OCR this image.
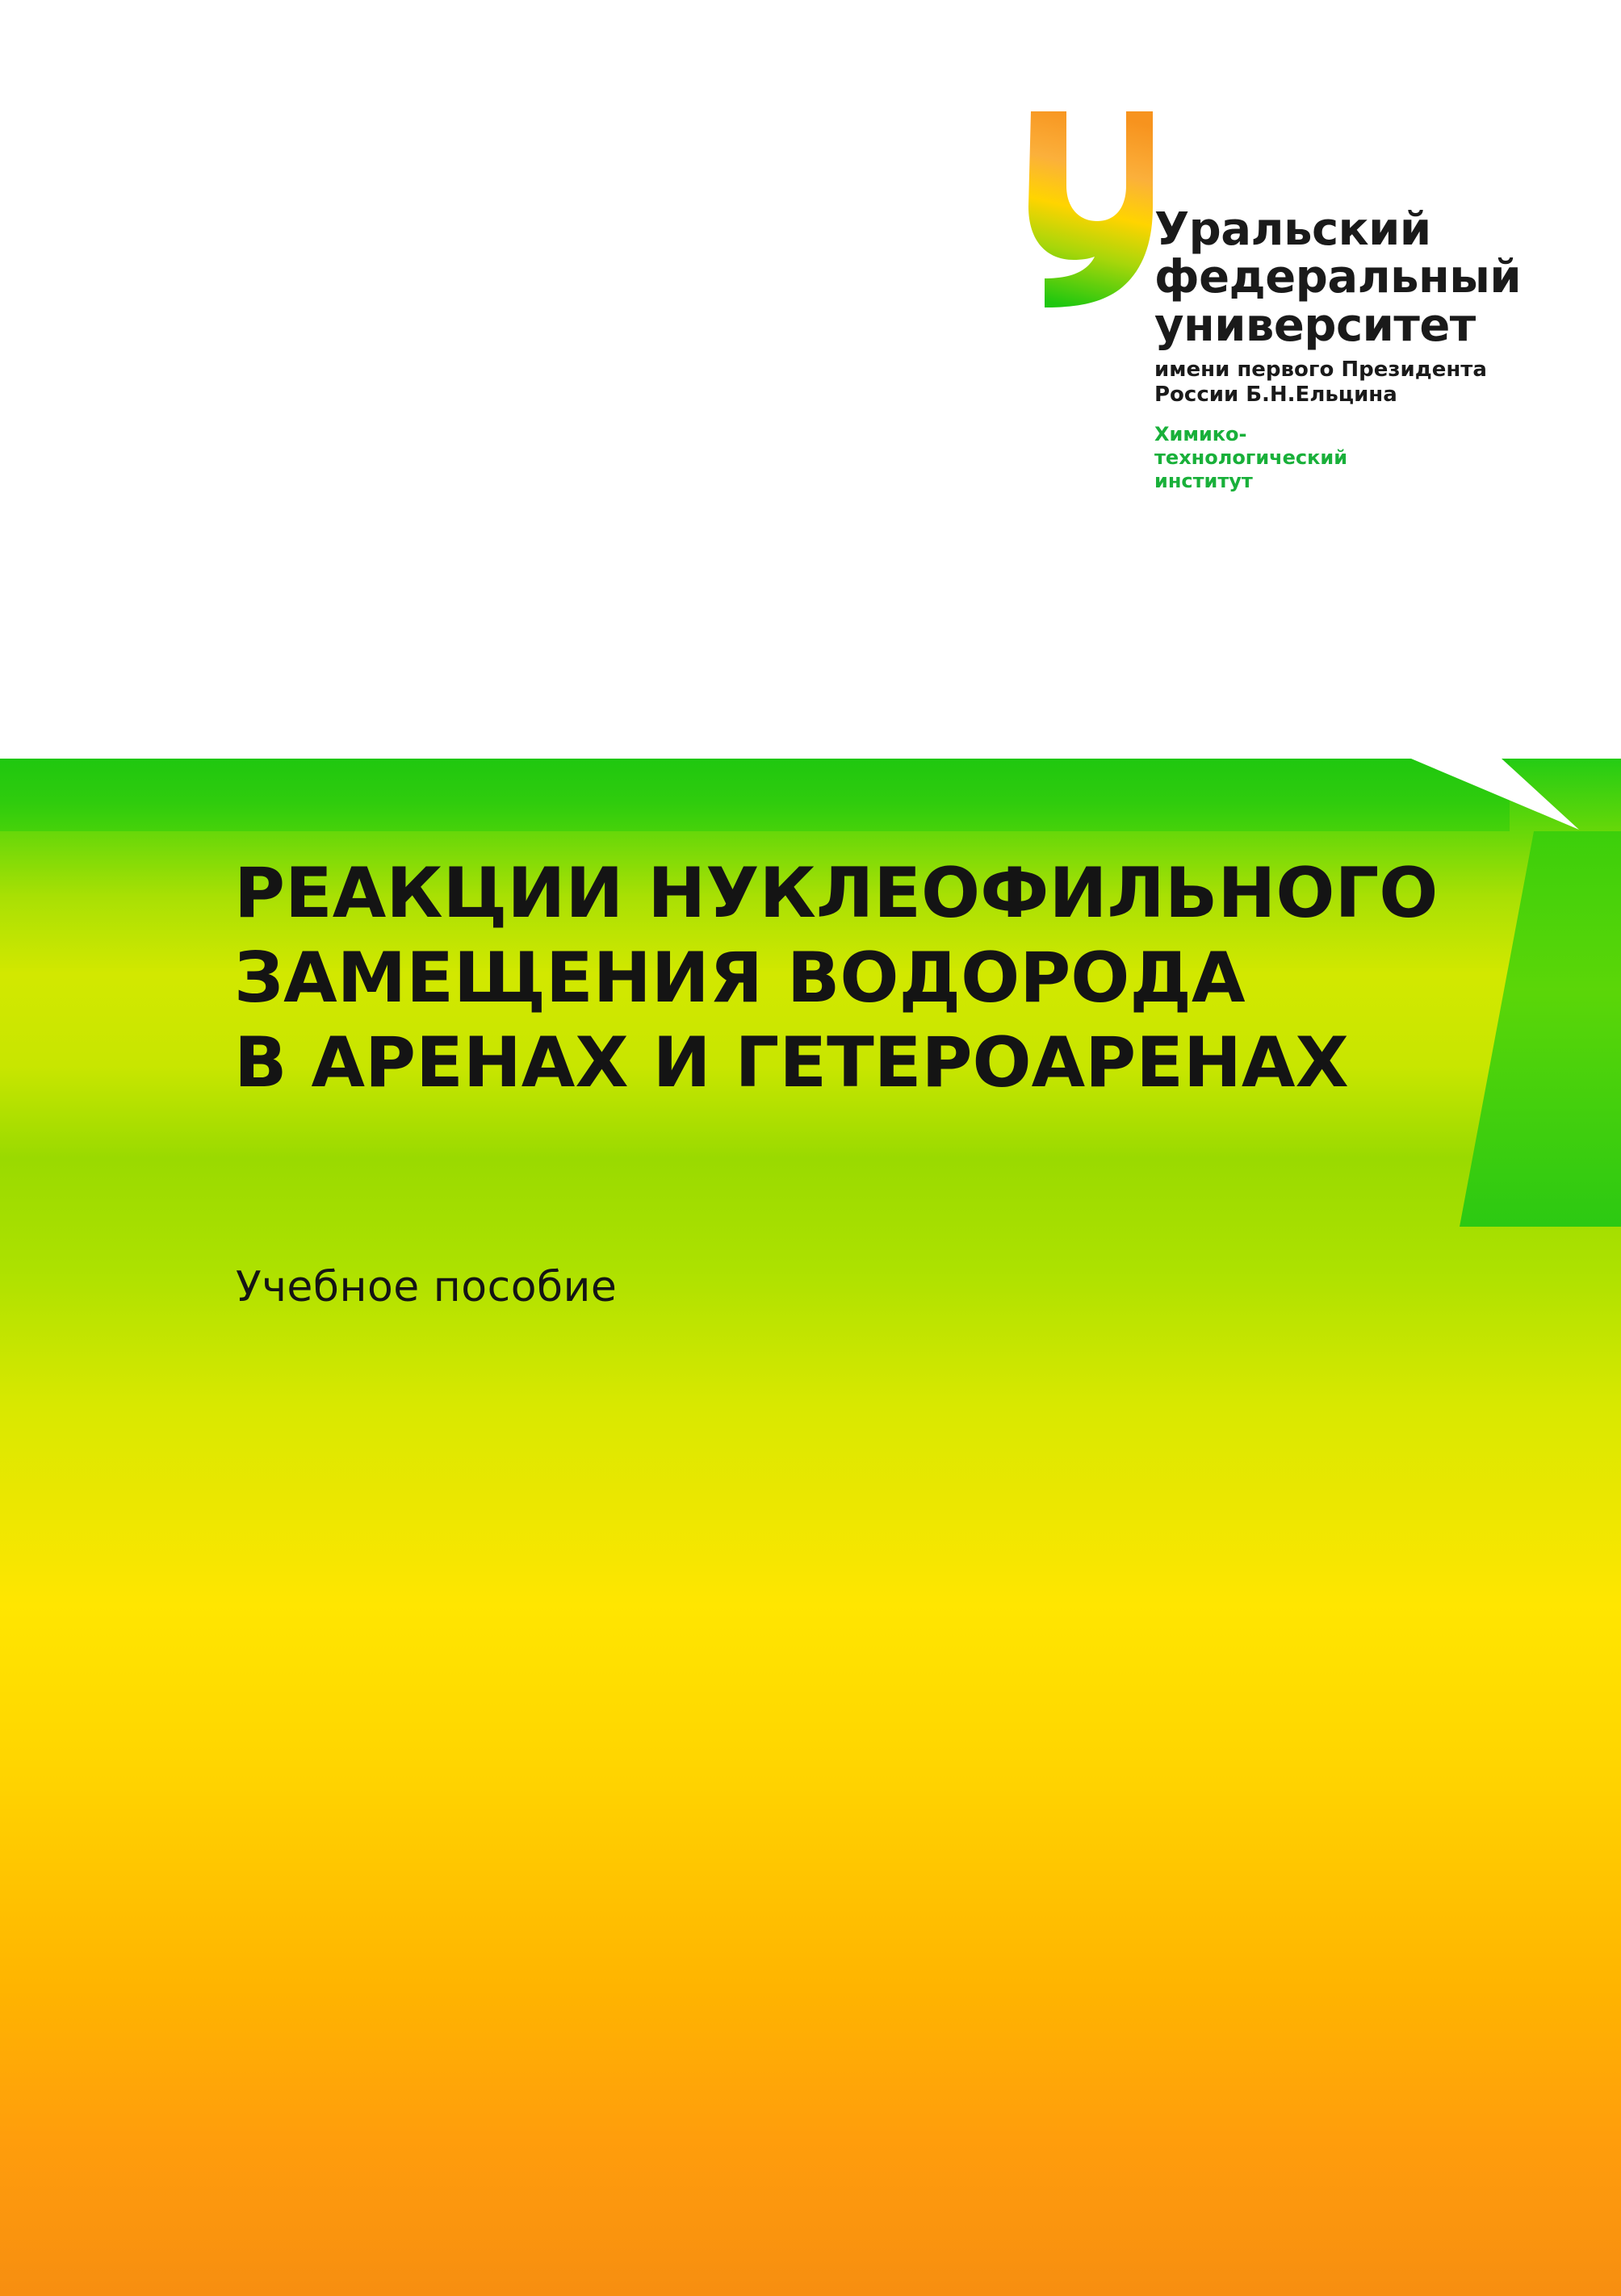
Уральский
федеральный
университет
имени первого Президента
России Б.Н.Ельцина
Химико-
технологический
институт
РЕАКЦИИ НУКЛЕОФИЛЬНОГО
ЗАМЕЩЕНИЯ ВОДОРОДА
В АРЕНАХ И ГЕТЕРОАРЕНАХ
Учебное пособие
